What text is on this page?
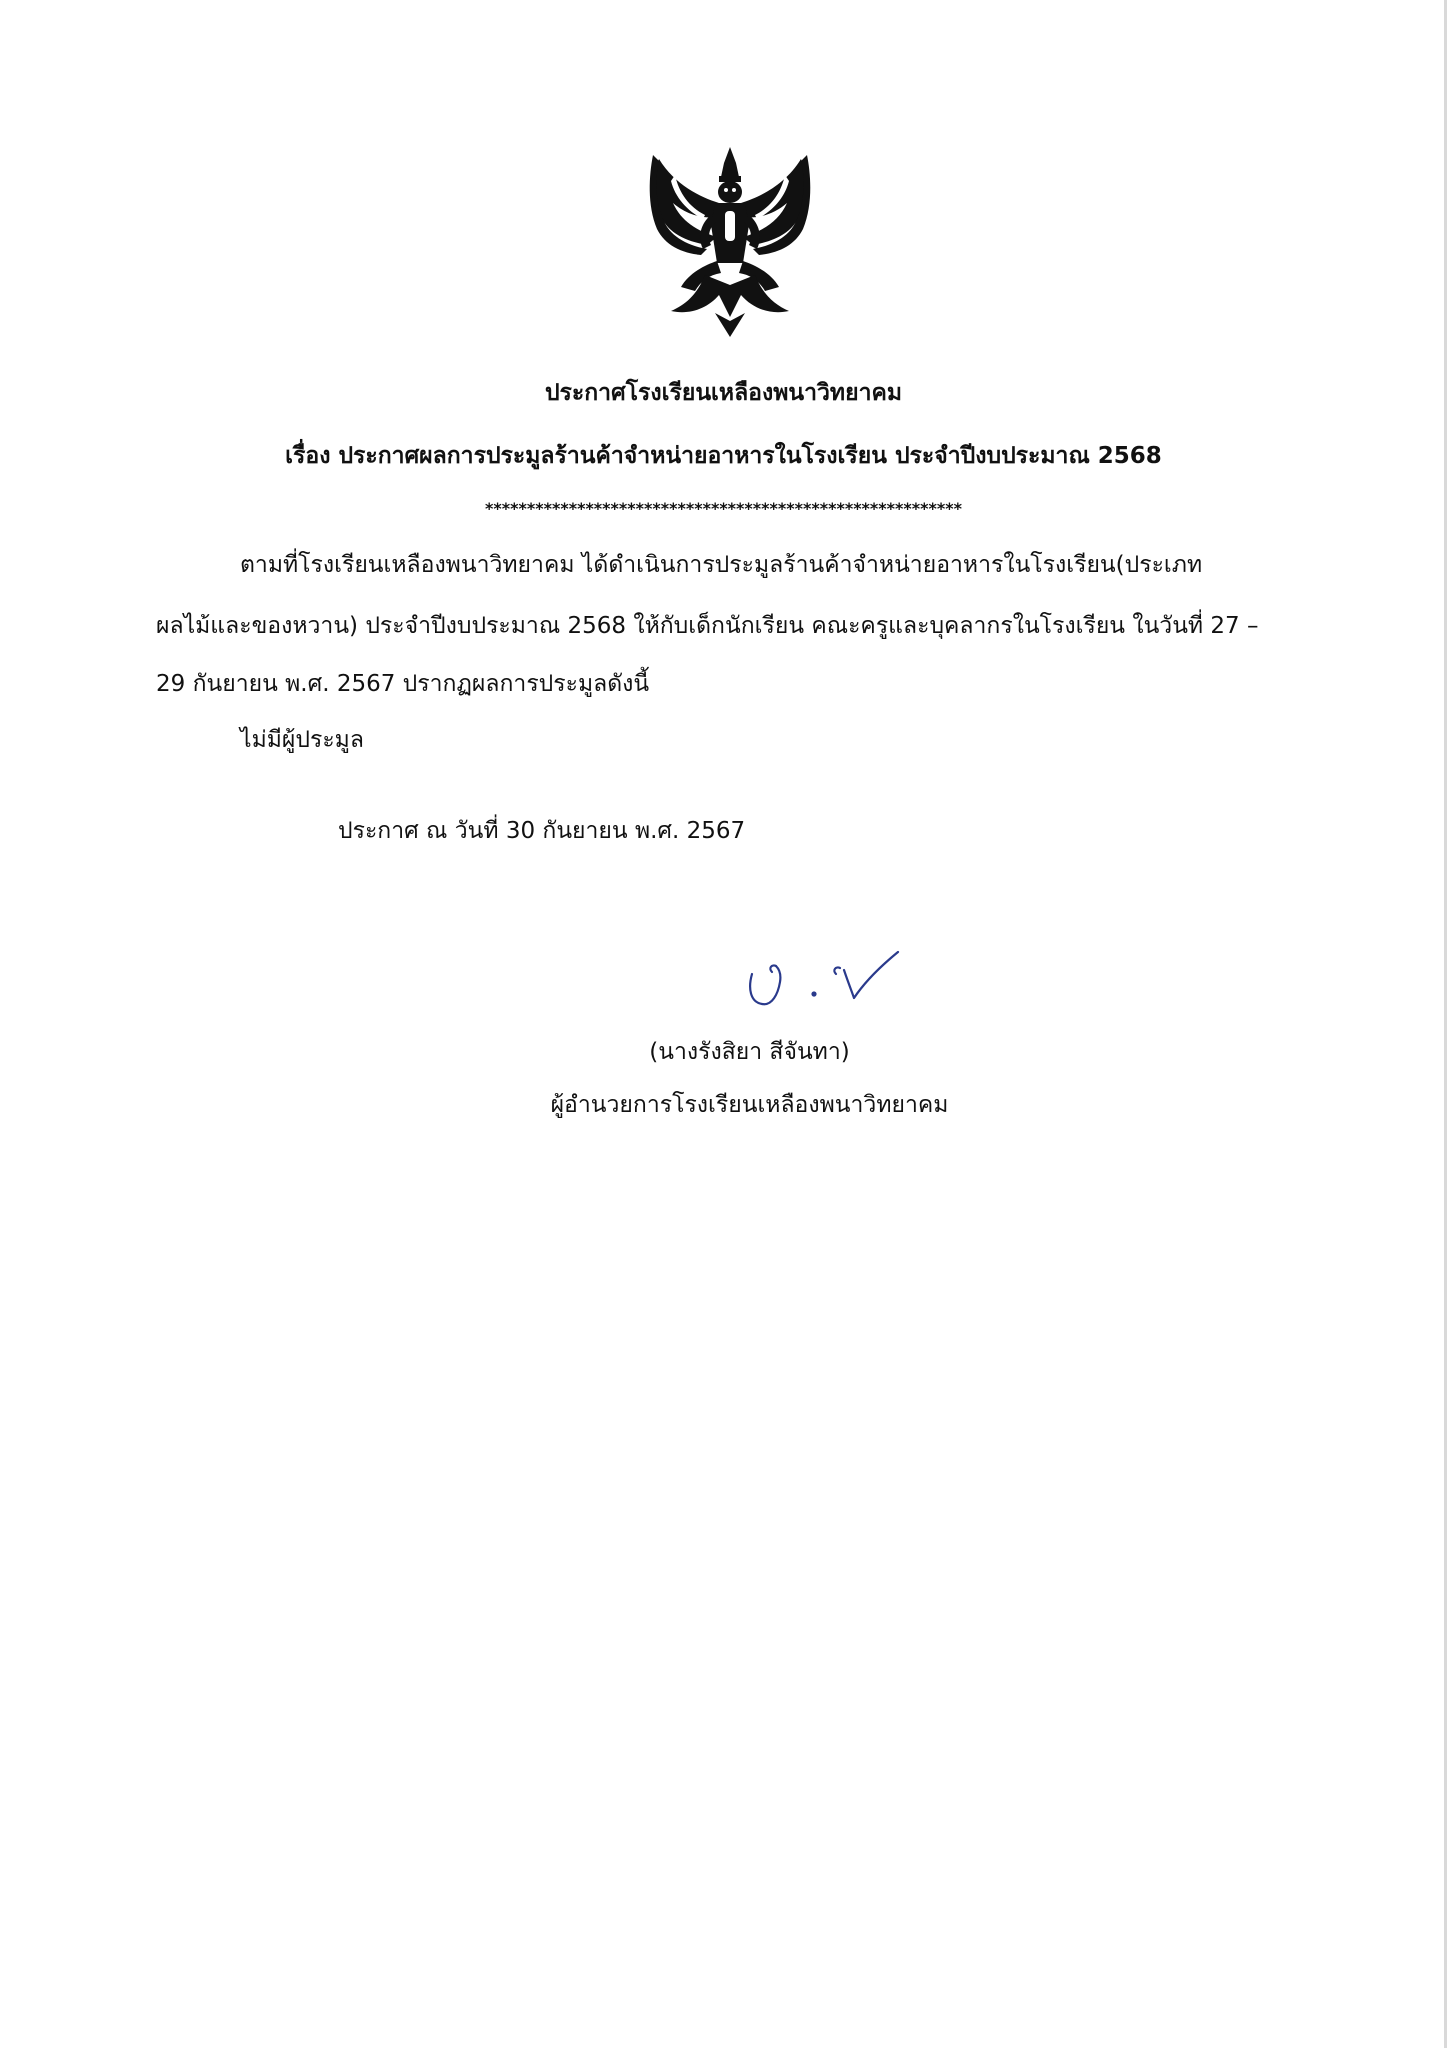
ประกาศโรงเรียนเหลืองพนาวิทยาคม
เรื่อง ประกาศผลการประมูลร้านค้าจำหน่ายอาหารในโรงเรียน ประจำปีงบประมาณ 2568
*********************************************************
ตามที่โรงเรียนเหลืองพนาวิทยาคม ได้ดำเนินการประมูลร้านค้าจำหน่ายอาหารในโรงเรียน(ประเภท
ผลไม้และของหวาน) ประจำปีงบประมาณ 2568 ให้กับเด็กนักเรียน คณะครูและบุคลากรในโรงเรียน ในวันที่ 27 –
29 กันยายน พ.ศ. 2567 ปรากฏผลการประมูลดังนี้
ไม่มีผู้ประมูล
ประกาศ ณ วันที่ 30 กันยายน พ.ศ. 2567
(นางรังสิยา สีจันทา)
ผู้อำนวยการโรงเรียนเหลืองพนาวิทยาคม
